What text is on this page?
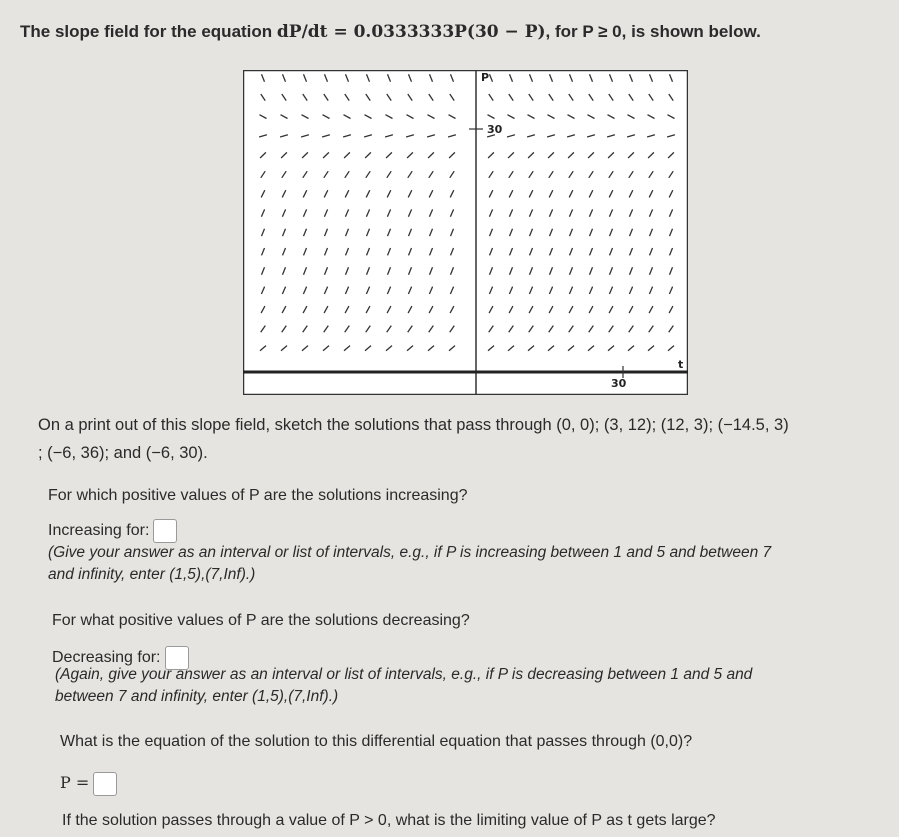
The slope field for the equation dP/dt = 0.0333333P(30 − P), for P ≥ 0, is shown below.
P
30
30
t
On a print out of this slope field, sketch the solutions that pass through (0, 0); (3, 12); (12, 3); (−14.5, 3)
; (−6, 36); and (−6, 30).
For which positive values of P are the solutions increasing?
Increasing for:
(Give your answer as an interval or list of intervals, e.g., if P is increasing between 1 and 5 and between 7
and infinity, enter (1,5),(7,Inf).)
For what positive values of P are the solutions decreasing?
Decreasing for:
(Again, give your answer as an interval or list of intervals, e.g., if P is decreasing between 1 and 5 and
between 7 and infinity, enter (1,5),(7,Inf).)
What is the equation of the solution to this differential equation that passes through (0,0)?
P =
If the solution passes through a value of P > 0, what is the limiting value of P as t gets large?
